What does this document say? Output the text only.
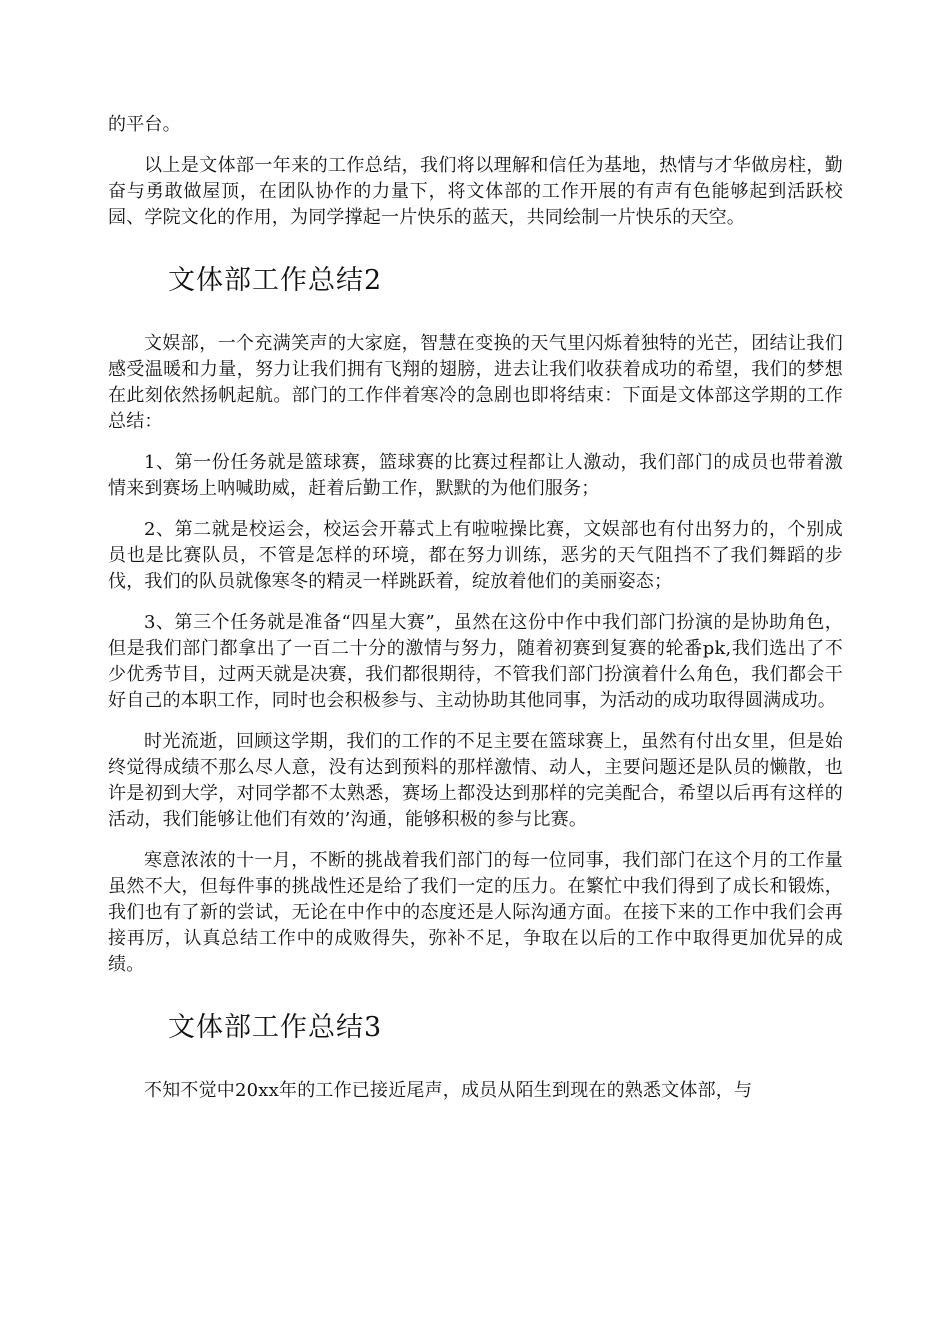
的平台。

以上是文体部一年来的工作总结，我们将以理解和信任为基地，热情与才华做房柱，勤奋与勇敢做屋顶，在团队协作的力量下，将文体部的工作开展的有声有色能够起到活跃校园、学院文化的作用，为同学撑起一片快乐的蓝天，共同绘制一片快乐的天空。

文体部工作总结2

文娱部，一个充满笑声的大家庭，智慧在变换的天气里闪烁着独特的光芒，团结让我们感受温暖和力量，努力让我们拥有飞翔的翅膀，进去让我们收获着成功的希望，我们的梦想在此刻依然扬帆起航。部门的工作伴着寒冷的急剧也即将结束：下面是文体部这学期的工作总结：

1、第一份任务就是篮球赛，篮球赛的比赛过程都让人激动，我们部门的成员也带着激情来到赛场上呐喊助威，赶着后勤工作，默默的为他们服务；

2、第二就是校运会，校运会开幕式上有啦啦操比赛，文娱部也有付出努力的，个别成员也是比赛队员，不管是怎样的环境，都在努力训练，恶劣的天气阻挡不了我们舞蹈的步伐，我们的队员就像寒冬的精灵一样跳跃着，绽放着他们的美丽姿态；

3、第三个任务就是准备“四星大赛”，虽然在这份中作中我们部门扮演的是协助角色，但是我们部门都拿出了一百二十分的激情与努力，随着初赛到复赛的轮番pk,我们选出了不少优秀节目，过两天就是决赛，我们都很期待，不管我们部门扮演着什么角色，我们都会干好自己的本职工作，同时也会积极参与、主动协助其他同事，为活动的成功取得圆满成功。

时光流逝，回顾这学期，我们的工作的不足主要在篮球赛上，虽然有付出女里，但是始终觉得成绩不那么尽人意，没有达到预料的那样激情、动人，主要问题还是队员的懒散，也许是初到大学，对同学都不太熟悉，赛场上都没达到那样的完美配合，希望以后再有这样的活动，我们能够让他们有效的’沟通，能够积极的参与比赛。

寒意浓浓的十一月，不断的挑战着我们部门的每一位同事，我们部门在这个月的工作量虽然不大，但每件事的挑战性还是给了我们一定的压力。在繁忙中我们得到了成长和锻炼，我们也有了新的尝试，无论在中作中的态度还是人际沟通方面。在接下来的工作中我们会再接再厉，认真总结工作中的成败得失，弥补不足，争取在以后的工作中取得更加优异的成绩。

文体部工作总结3

不知不觉中20xx年的工作已接近尾声，成员从陌生到现在的熟悉文体部，与
